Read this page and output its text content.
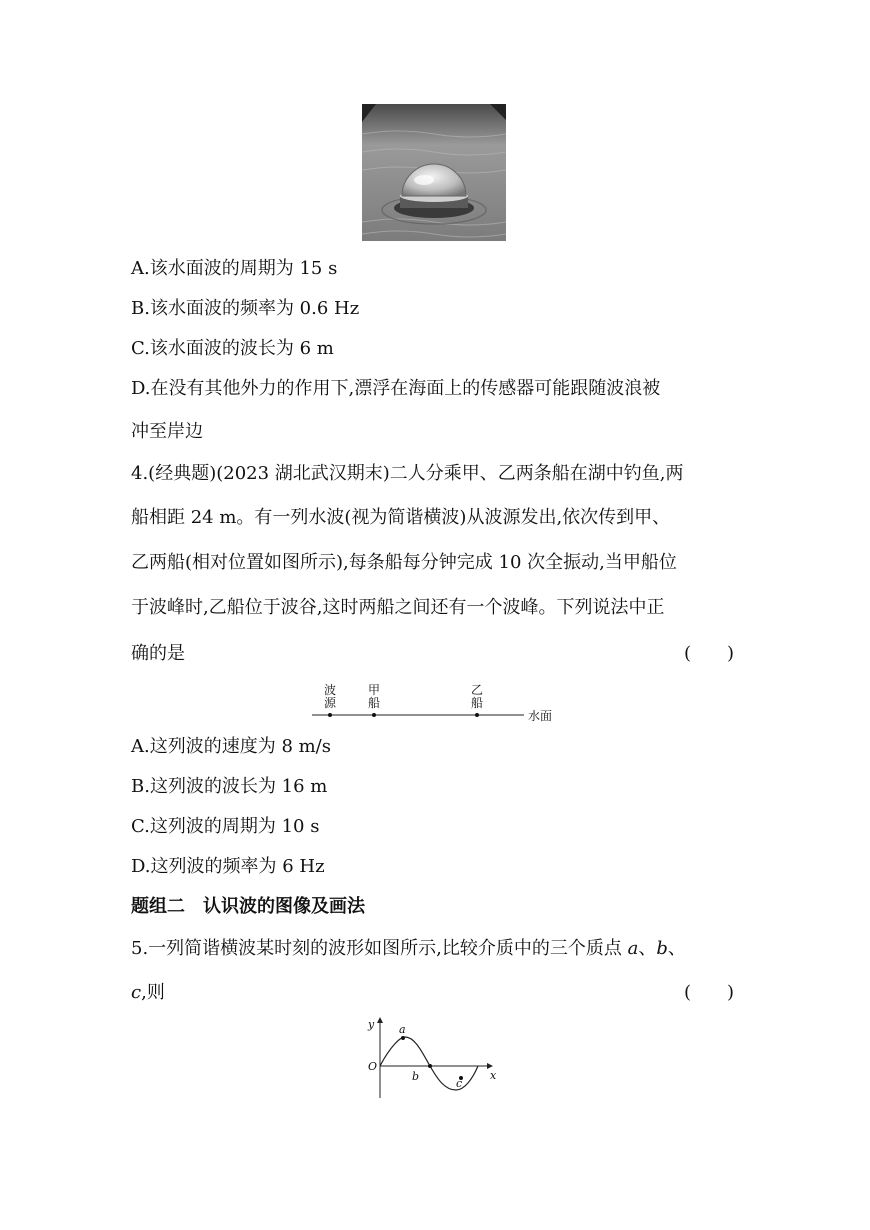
A.该水面波的周期为 15 s
B.该水面波的频率为 0.6 Hz
C.该水面波的波长为 6 m
D.在没有其他外力的作用下,漂浮在海面上的传感器可能跟随波浪被
冲至岸边
4.(经典题)(2023 湖北武汉期末)二人分乘甲、乙两条船在湖中钓鱼,两
船相距 24 m。有一列水波(视为简谐横波)从波源发出,依次传到甲、
乙两船(相对位置如图所示),每条船每分钟完成 10 次全振动,当甲船位
于波峰时,乙船位于波谷,这时两船之间还有一个波峰。下列说法中正
确的是	(　　)
波
源
甲
船
乙
船
水面
A.这列波的速度为 8 m/s
B.这列波的波长为 16 m
C.这列波的周期为 10 s
D.这列波的频率为 6 Hz
题组二　认识波的图像及画法
5.一列简谐横波某时刻的波形如图所示,比较介质中的三个质点 a、b、
c,则	(　　)
y
x
a
b
c
O
